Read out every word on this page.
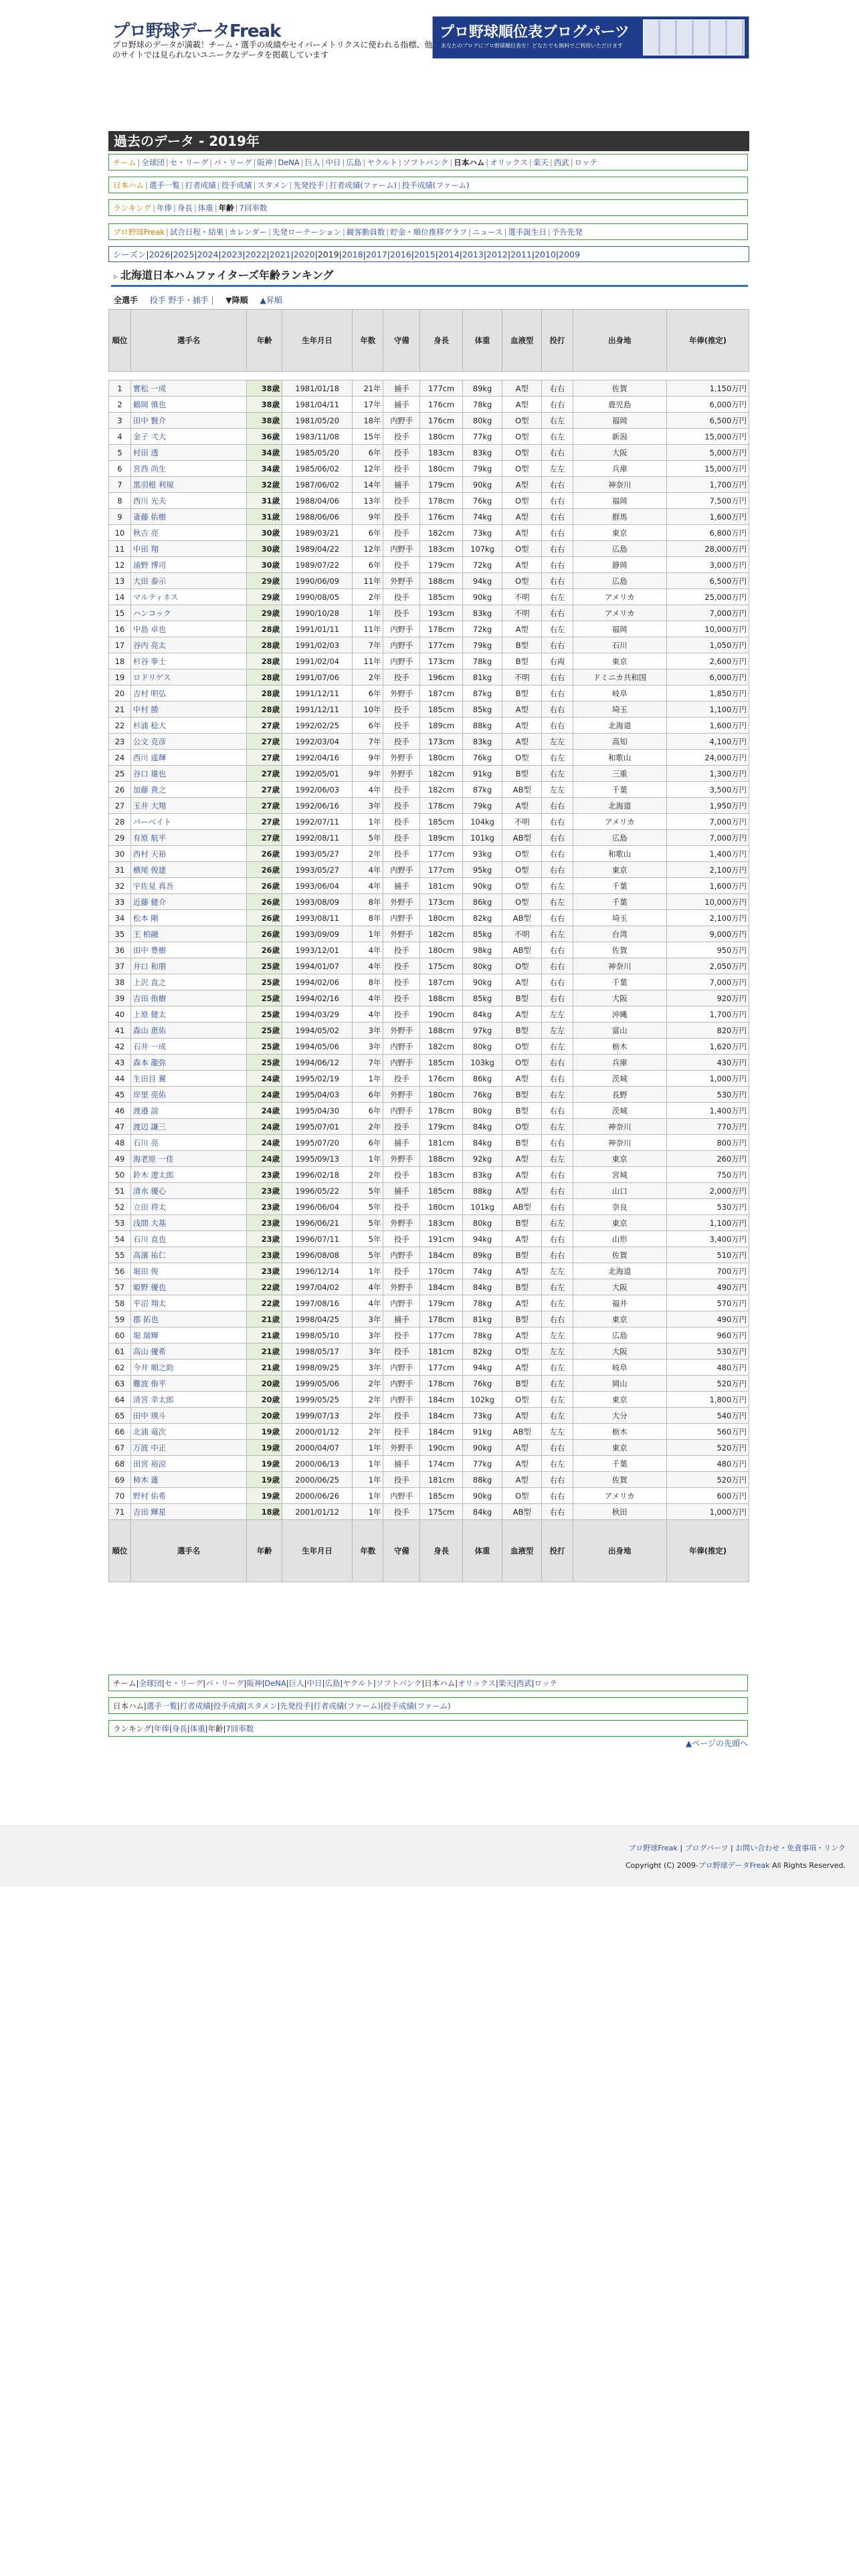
プロ野球データFreak
プロ野球のデータが満載！チーム・選手の成績やセイバーメトリクスに使われる指標、他のサイトでは見られないユニークなデータを掲載しています
プロ野球順位表ブログパーツ
あなたのブログにプロ野球順位表を！どなたでも無料でご利用いただけます
過去のデータ - 2019年
チーム | 全球団 | セ・リーグ | パ・リーグ | 阪神 | DeNA | 巨人 | 中日 | 広島 | ヤクルト | ソフトバンク | 日本ハム | オリックス | 楽天 | 西武 | ロッテ
日本ハム | 選手一覧 | 打者成績 | 投手成績 | スタメン | 先発投手 | 打者成績(ファーム) | 投手成績(ファーム)
ランキング | 年俸 | 身長 | 体重 | 年齢 | 7回率数
プロ野球Freak | 試合日程・結果 | カレンダー | 先発ローテーション | 観客動員数 | 貯金・順位推移グラフ | ニュース | 選手誕生日 | 予告先発
シーズン|2026|2025|2024|2023|2022|2021|2020|2019|2018|2017|2016|2015|2014|2013|2012|2011|2010|2009
▹ 北海道日本ハムファイターズ年齢ランキング
全選手 投手 野手・捕手 | ▼降順 ▲昇順
順位	選手名	年齢	生年月日	年数	守備	身長	体重	血液型	投打	出身地	年俸(推定)

1	實松 一成	38歳	1981/01/18	21年	捕手	177cm	89kg	A型	右右	佐賀	1,150万円
2	鶴岡 慎也	38歳	1981/04/11	17年	捕手	176cm	78kg	A型	右右	鹿児島	6,000万円
3	田中 賢介	38歳	1981/05/20	18年	内野手	176cm	80kg	O型	右左	福岡	6,500万円
4	金子 弌大	36歳	1983/11/08	15年	投手	180cm	77kg	O型	右左	新潟	15,000万円
5	村田 透	34歳	1985/05/20	6年	投手	183cm	83kg	O型	右右	大阪	5,000万円
6	宮西 尚生	34歳	1985/06/02	12年	投手	180cm	79kg	O型	左左	兵庫	15,000万円
7	黒羽根 利規	32歳	1987/06/02	14年	捕手	179cm	90kg	A型	右右	神奈川	1,700万円
8	西川 光夫	31歳	1988/04/06	13年	投手	178cm	76kg	O型	右右	福岡	7,500万円
9	斎藤 佑樹	31歳	1988/06/06	9年	投手	176cm	74kg	A型	右右	群馬	1,600万円
10	秋吉 亮	30歳	1989/03/21	6年	投手	182cm	73kg	A型	右右	東京	6,800万円
11	中田 翔	30歳	1989/04/22	12年	内野手	183cm	107kg	O型	右右	広島	28,000万円
12	浦野 博司	30歳	1989/07/22	6年	投手	179cm	72kg	A型	右右	静岡	3,000万円
13	大田 泰示	29歳	1990/06/09	11年	外野手	188cm	94kg	O型	右右	広島	6,500万円
14	マルティネス	29歳	1990/08/05	2年	投手	185cm	90kg	不明	右左	アメリカ	25,000万円
15	ハンコック	29歳	1990/10/28	1年	投手	193cm	83kg	不明	右右	アメリカ	7,000万円
16	中島 卓也	28歳	1991/01/11	11年	内野手	178cm	72kg	A型	右左	福岡	10,000万円
17	谷内 亮太	28歳	1991/02/03	7年	内野手	177cm	79kg	B型	右右	石川	1,050万円
18	杉谷 拳士	28歳	1991/02/04	11年	内野手	173cm	78kg	B型	右両	東京	2,600万円
19	ロドリゲス	28歳	1991/07/06	2年	投手	196cm	81kg	不明	右右	ドミニカ共和国	6,000万円
20	吉村 明弘	28歳	1991/12/11	6年	外野手	187cm	87kg	B型	右右	岐阜	1,850万円
21	中村 勝	28歳	1991/12/11	10年	投手	185cm	85kg	A型	右右	埼玉	1,100万円
22	杉浦 稔大	27歳	1992/02/25	6年	投手	189cm	88kg	A型	右右	北海道	1,600万円
23	公文 克彦	27歳	1992/03/04	7年	投手	173cm	83kg	A型	左左	高知	4,100万円
24	西川 遥輝	27歳	1992/04/16	9年	外野手	180cm	76kg	O型	右左	和歌山	24,000万円
25	谷口 雄也	27歳	1992/05/01	9年	外野手	182cm	91kg	B型	右左	三重	1,300万円
26	加藤 貴之	27歳	1992/06/03	4年	投手	182cm	87kg	AB型	左左	千葉	3,500万円
27	玉井 大翔	27歳	1992/06/16	3年	投手	178cm	79kg	A型	右右	北海道	1,950万円
28	バーベイト	27歳	1992/07/11	1年	投手	185cm	104kg	不明	右右	アメリカ	7,000万円
29	有原 航平	27歳	1992/08/11	5年	投手	189cm	101kg	AB型	右右	広島	7,000万円
30	西村 天裕	26歳	1993/05/27	2年	投手	177cm	93kg	O型	右右	和歌山	1,400万円
31	横尾 俊建	26歳	1993/05/27	4年	内野手	177cm	95kg	O型	右右	東京	2,100万円
32	宇佐見 真吾	26歳	1993/06/04	4年	捕手	181cm	90kg	O型	右左	千葉	1,600万円
33	近藤 健介	26歳	1993/08/09	8年	外野手	173cm	86kg	O型	右左	千葉	10,000万円
34	松本 剛	26歳	1993/08/11	8年	内野手	180cm	82kg	AB型	右右	埼玉	2,100万円
35	王 柏融	26歳	1993/09/09	1年	外野手	182cm	85kg	不明	右左	台湾	9,000万円
36	田中 豊樹	26歳	1993/12/01	4年	投手	180cm	98kg	AB型	右右	佐賀	950万円
37	井口 和朋	25歳	1994/01/07	4年	投手	175cm	80kg	O型	右右	神奈川	2,050万円
38	上沢 直之	25歳	1994/02/06	8年	投手	187cm	90kg	A型	右右	千葉	7,000万円
39	吉田 侑樹	25歳	1994/02/16	4年	投手	188cm	85kg	B型	右右	大阪	920万円
40	上原 健太	25歳	1994/03/29	4年	投手	190cm	84kg	A型	左左	沖縄	1,700万円
41	森山 恵佑	25歳	1994/05/02	3年	外野手	188cm	97kg	B型	左左	富山	820万円
42	石井 一成	25歳	1994/05/06	3年	内野手	182cm	80kg	O型	右左	栃木	1,620万円
43	森本 龍弥	25歳	1994/06/12	7年	内野手	185cm	103kg	O型	右右	兵庫	430万円
44	生田目 翼	24歳	1995/02/19	1年	投手	176cm	86kg	A型	右右	茨城	1,000万円
45	岸里 亮佑	24歳	1995/04/03	6年	外野手	180cm	76kg	B型	右左	長野	530万円
46	渡邉 諒	24歳	1995/04/30	6年	内野手	178cm	80kg	B型	右右	茨城	1,400万円
47	渡辺 謙三	24歳	1995/07/01	2年	投手	179cm	84kg	O型	右左	神奈川	770万円
48	石川 亮	24歳	1995/07/20	6年	捕手	181cm	84kg	B型	右右	神奈川	800万円
49	海老原 一佳	24歳	1995/09/13	1年	外野手	188cm	92kg	A型	右左	東京	260万円
50	鈴木 遼太郎	23歳	1996/02/18	2年	投手	183cm	83kg	A型	右右	宮城	750万円
51	清水 優心	23歳	1996/05/22	5年	捕手	185cm	88kg	A型	右右	山口	2,000万円
52	立田 将太	23歳	1996/06/04	5年	投手	180cm	101kg	AB型	右右	奈良	530万円
53	浅間 大基	23歳	1996/06/21	5年	外野手	183cm	80kg	B型	右左	東京	1,100万円
54	石川 直也	23歳	1996/07/11	5年	投手	191cm	94kg	A型	右右	山形	3,400万円
55	高濱 祐仁	23歳	1996/08/08	5年	内野手	184cm	89kg	B型	右右	佐賀	510万円
56	堀田 俊	23歳	1996/12/14	1年	投手	170cm	74kg	A型	左左	北海道	700万円
57	姫野 優也	22歳	1997/04/02	4年	外野手	184cm	84kg	B型	右左	大阪	490万円
58	平沼 翔太	22歳	1997/08/16	4年	内野手	179cm	78kg	A型	右左	福井	570万円
59	郡 拓也	21歳	1998/04/25	3年	捕手	178cm	81kg	B型	右右	東京	490万円
60	堀 瑞輝	21歳	1998/05/10	3年	投手	177cm	78kg	A型	左左	広島	960万円
61	高山 優希	21歳	1998/05/17	3年	投手	181cm	82kg	O型	左左	大阪	530万円
62	今井 順之助	21歳	1998/09/25	3年	内野手	177cm	94kg	A型	右左	岐阜	480万円
63	難波 侑平	20歳	1999/05/06	2年	内野手	178cm	76kg	B型	右左	岡山	520万円
64	清宮 幸太郎	20歳	1999/05/25	2年	内野手	184cm	102kg	O型	右左	東京	1,800万円
65	田中 瑛斗	20歳	1999/07/13	2年	投手	184cm	73kg	A型	右左	大分	540万円
66	北浦 竜次	19歳	2000/01/12	2年	投手	184cm	91kg	AB型	左左	栃木	560万円
67	万波 中正	19歳	2000/04/07	1年	外野手	190cm	90kg	A型	右右	東京	520万円
68	田宮 裕涼	19歳	2000/06/13	1年	捕手	174cm	77kg	A型	右左	千葉	480万円
69	柿木 蓮	19歳	2000/06/25	1年	投手	181cm	88kg	A型	右右	佐賀	520万円
70	野村 佑希	19歳	2000/06/26	1年	内野手	185cm	90kg	O型	右右	アメリカ	600万円
71	吉田 輝星	18歳	2001/01/12	1年	投手	175cm	84kg	AB型	右右	秋田	1,000万円
順位	選手名	年齢	生年月日	年数	守備	身長	体重	血液型	投打	出身地	年俸(推定)
チーム|全球団|セ・リーグ|パ・リーグ|阪神|DeNA|巨人|中日|広島|ヤクルト|ソフトバンク|日本ハム|オリックス|楽天|西武|ロッテ
日本ハム|選手一覧|打者成績|投手成績|スタメン|先発投手|打者成績(ファーム)|投手成績(ファーム)
ランキング|年俸|身長|体重|年齢|7回率数
▲ページの先頭へ
プロ野球Freak | ブログパーツ | お問い合わせ・免責事項・リンク
Copyright (C) 2009-プロ野球データFreak All Rights Reserved.
